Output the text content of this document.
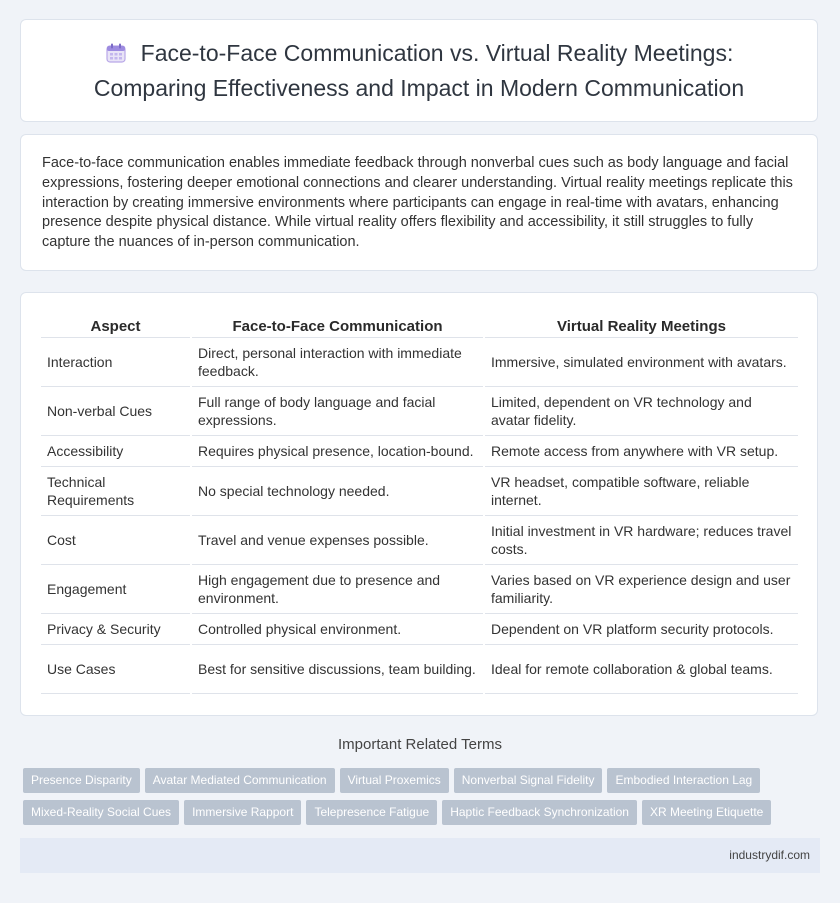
Face-to-Face Communication vs. Virtual Reality Meetings:
Comparing Effectiveness and Impact in Modern Communication

Face-to-face communication enables immediate feedback through nonverbal cues such as body language and facial expressions, fostering deeper emotional connections and clearer understanding. Virtual reality meetings replicate this interaction by creating immersive environments where participants can engage in real-time with avatars, enhancing presence despite physical distance. While virtual reality offers flexibility and accessibility, it still struggles to fully capture the nuances of in-person communication.

Aspect	Face-to-Face Communication	Virtual Reality Meetings
Interaction	Direct, personal interaction with immediate feedback.	Immersive, simulated environment with avatars.
Non-verbal Cues	Full range of body language and facial expressions.	Limited, dependent on VR technology and avatar fidelity.
Accessibility	Requires physical presence, location-bound.	Remote access from anywhere with VR setup.
Technical Requirements	No special technology needed.	VR headset, compatible software, reliable internet.
Cost	Travel and venue expenses possible.	Initial investment in VR hardware; reduces travel costs.
Engagement	High engagement due to presence and environment.	Varies based on VR experience design and user familiarity.
Privacy & Security	Controlled physical environment.	Dependent on VR platform security protocols.
Use Cases	Best for sensitive discussions, team building.	Ideal for remote collaboration & global teams.
Important Related Terms
Presence Disparity Avatar Mediated Communication Virtual Proxemics Nonverbal Signal Fidelity Embodied Interaction Lag
Mixed-Reality Social Cues Immersive Rapport Telepresence Fatigue Haptic Feedback Synchronization XR Meeting Etiquette
industrydif.com
